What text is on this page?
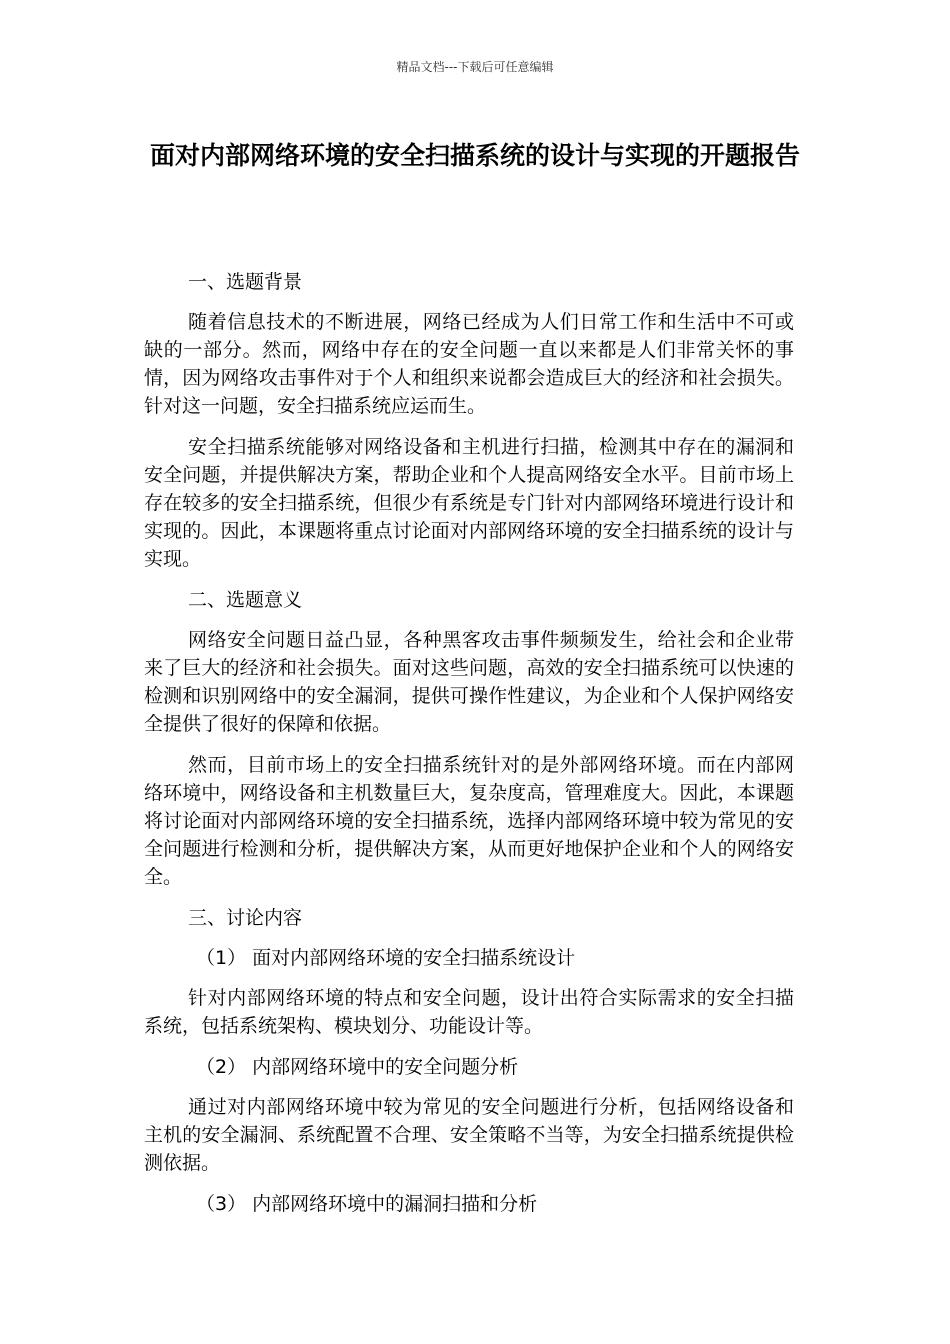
精品文档---下载后可任意编辑
面对内部网络环境的安全扫描系统的设计与实现的开题报告

一、选题背景

随着信息技术的不断进展，网络已经成为人们日常工作和生活中不可或缺的一部分。然而，网络中存在的安全问题一直以来都是人们非常关怀的事情，因为网络攻击事件对于个人和组织来说都会造成巨大的经济和社会损失。针对这一问题，安全扫描系统应运而生。

安全扫描系统能够对网络设备和主机进行扫描，检测其中存在的漏洞和安全问题，并提供解决方案，帮助企业和个人提高网络安全水平。目前市场上存在较多的安全扫描系统，但很少有系统是专门针对内部网络环境进行设计和实现的。因此，本课题将重点讨论面对内部网络环境的安全扫描系统的设计与实现。

二、选题意义

网络安全问题日益凸显，各种黑客攻击事件频频发生，给社会和企业带来了巨大的经济和社会损失。面对这些问题，高效的安全扫描系统可以快速的检测和识别网络中的安全漏洞，提供可操作性建议，为企业和个人保护网络安全提供了很好的保障和依据。

然而，目前市场上的安全扫描系统针对的是外部网络环境。而在内部网络环境中，网络设备和主机数量巨大，复杂度高，管理难度大。因此，本课题将讨论面对内部网络环境的安全扫描系统，选择内部网络环境中较为常见的安全问题进行检测和分析，提供解决方案，从而更好地保护企业和个人的网络安全。

三、讨论内容

（1） 面对内部网络环境的安全扫描系统设计

针对内部网络环境的特点和安全问题，设计出符合实际需求的安全扫描系统，包括系统架构、模块划分、功能设计等。

（2） 内部网络环境中的安全问题分析

通过对内部网络环境中较为常见的安全问题进行分析，包括网络设备和主机的安全漏洞、系统配置不合理、安全策略不当等，为安全扫描系统提供检测依据。

（3） 内部网络环境中的漏洞扫描和分析
